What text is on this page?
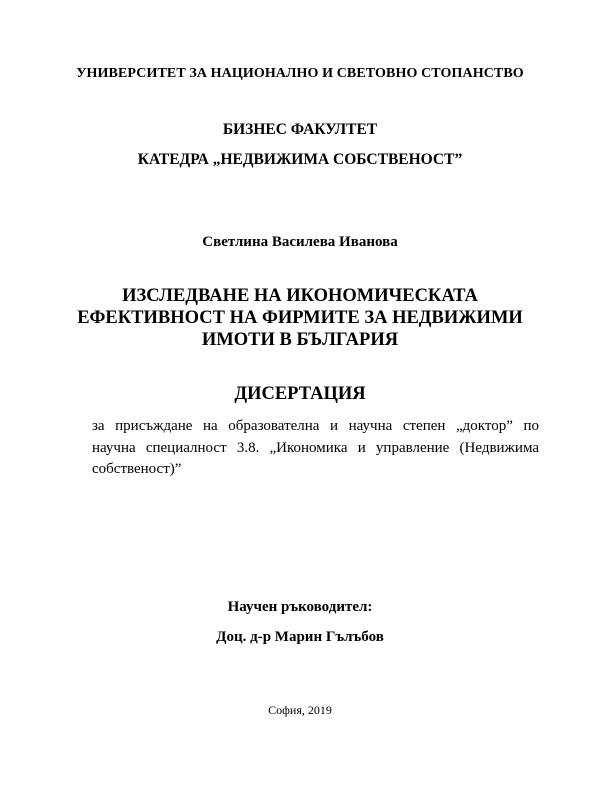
УНИВЕРСИТЕТ ЗА НАЦИОНАЛНО И СВЕТОВНО СТОПАНСТВО
БИЗНЕС ФАКУЛТЕТ
КАТЕДРА „НЕДВИЖИМА СОБСТВЕНОСТ”
Светлина Василева Иванова
ИЗСЛЕДВАНЕ НА ИКОНОМИЧЕСКАТА
ЕФЕКТИВНОСТ НА ФИРМИТЕ ЗА НЕДВИЖИМИ
ИМОТИ В БЪЛГАРИЯ
ДИСЕРТАЦИЯ
за присъждане на образователна и научна степен „доктор” по
научна специалност 3.8. „Икономика и управление (Недвижима
собственост)”
Научен ръководител:
Доц. д-р Марин Гълъбов
София, 2019
